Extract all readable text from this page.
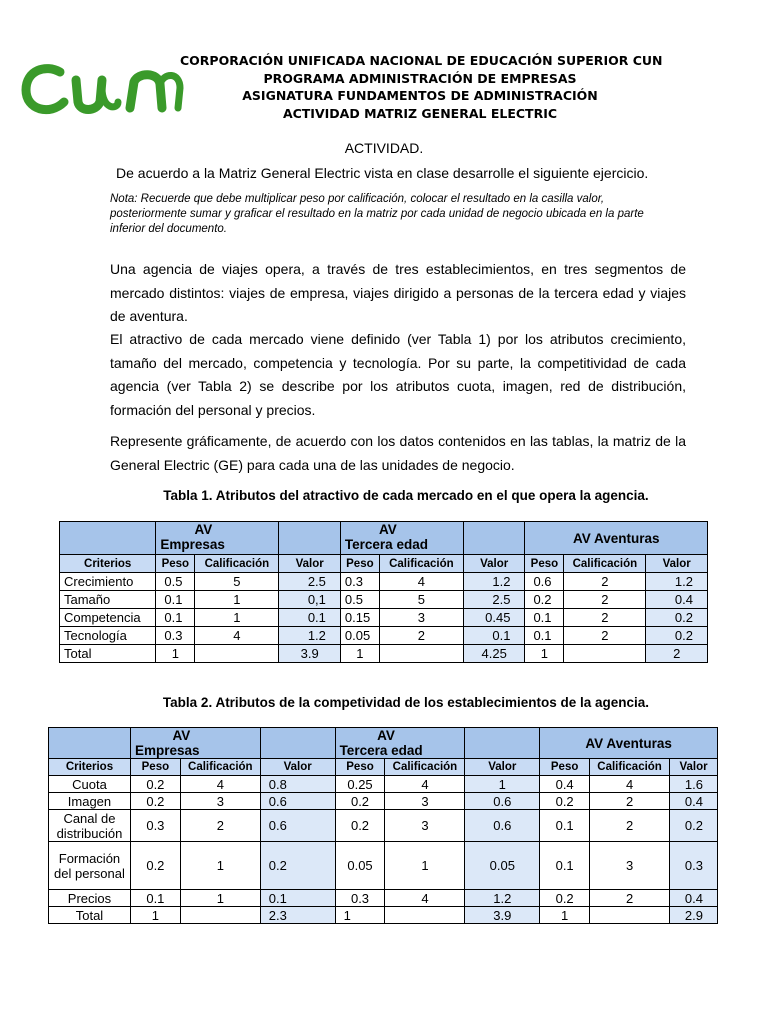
CORPORACIÓN UNIFICADA NACIONAL DE EDUCACIÓN SUPERIOR CUN
PROGRAMA ADMINISTRACIÓN DE EMPRESAS
ASIGNATURA FUNDAMENTOS DE ADMINISTRACIÓN
ACTIVIDAD MATRIZ GENERAL ELECTRIC
ACTIVIDAD.
De acuerdo a la Matriz General Electric vista en clase desarrolle el siguiente ejercicio.
Nota: Recuerde que debe multiplicar peso por calificación, colocar el resultado en la casilla valor, posteriormente sumar y graficar el resultado en la matriz por cada unidad de negocio ubicada en la parte inferior del documento.

Una agencia de viajes opera, a través de tres establecimientos, en tres segmentos de mercado distintos: viajes de empresa, viajes dirigido a personas de la tercera edad y viajes de aventura.

El atractivo de cada mercado viene definido (ver Tabla 1) por los atributos crecimiento, tamaño del mercado, competencia y tecnología. Por su parte, la competitividad de cada agencia (ver Tabla 2) se describe por los atributos cuota, imagen, red de distribución, formación del personal y precios.

Represente gráficamente, de acuerdo con los datos contenidos en las tablas, la matriz de la General Electric (GE) para cada una de las unidades de negocio.

Tabla 1. Atributos del atractivo de cada mercado en el que opera la agencia.

	AV
Empresas			AV
Tercera edad			AV Aventuras		
Criterios	Peso	Calificación	Valor	Peso	Calificación	Valor	Peso	Calificación	Valor
Crecimiento	0.5	5	2.5	0.3	4	1.2	0.6	2	1.2
Tamaño	0.1	1	0,1	0.5	5	2.5	0.2	2	0.4
Competencia	0.1	1	0.1	0.15	3	0.45	0.1	2	0.2
Tecnología	0.3	4	1.2	0.05	2	0.1	0.1	2	0.2
Total	1		3.9	1		4.25	1		2
Tabla 2. Atributos de la competividad de los establecimientos de la agencia.

	AV
Empresas			AV
Tercera edad			AV Aventuras		
Criterios	Peso	Calificación	Valor	Peso	Calificación	Valor	Peso	Calificación	Valor
Cuota	0.2	4	0.8	0.25	4	1	0.4	4	1.6
Imagen	0.2	3	0.6	0.2	3	0.6	0.2	2	0.4
Canal de distribución	0.3	2	0.6	0.2	3	0.6	0.1	2	0.2
Formación del personal	0.2	1	0.2	0.05	1	0.05	0.1	3	0.3
Precios	0.1	1	0.1	0.3	4	1.2	0.2	2	0.4
Total	1		2.3	1		3.9	1		2.9
